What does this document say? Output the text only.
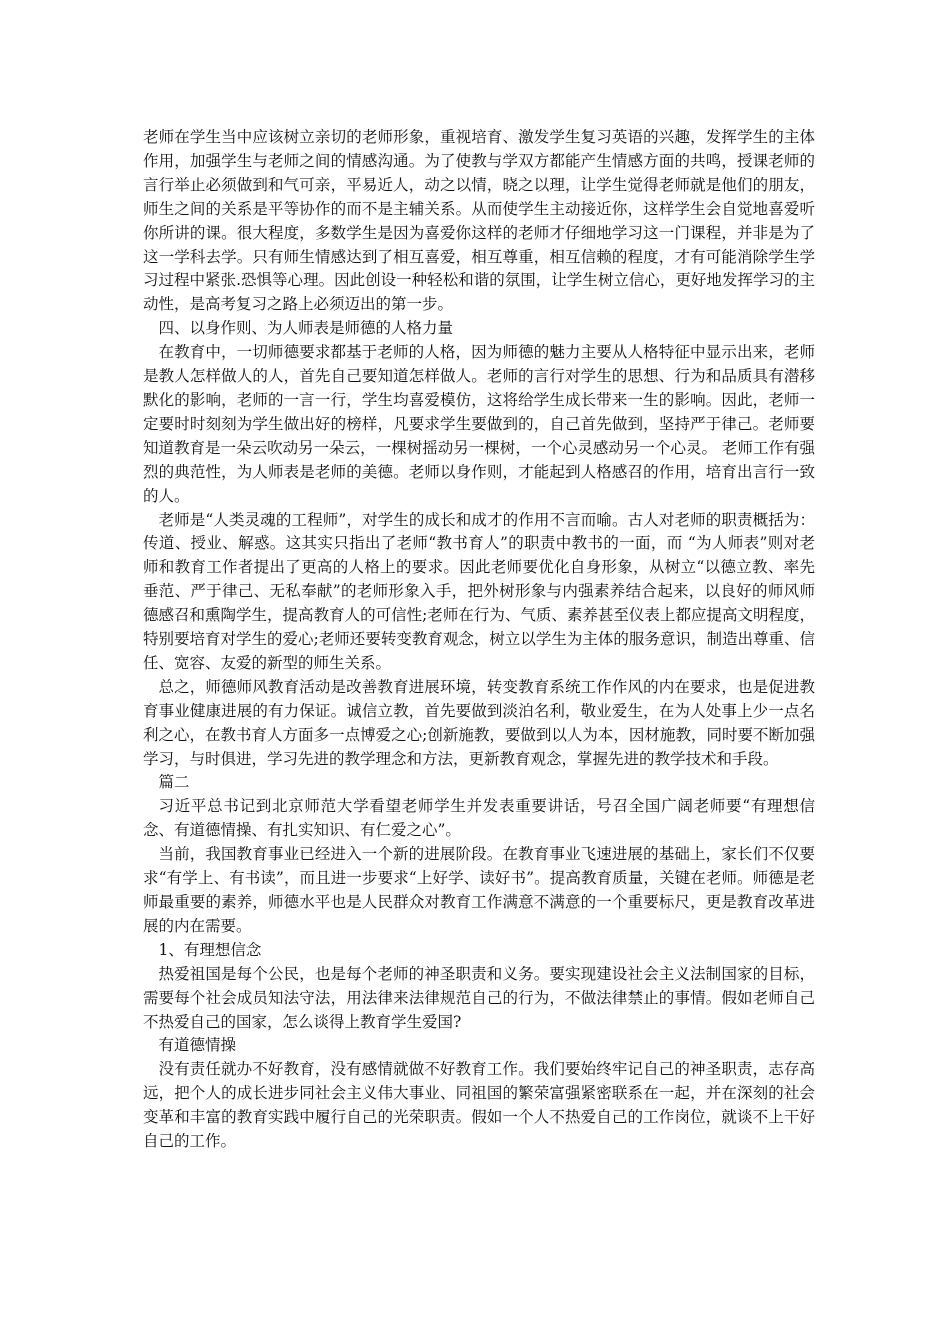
老师在学生当中应该树立亲切的老师形象，重视培育、激发学生复习英语的兴趣，发挥学生的主体作用，加强学生与老师之间的情感沟通。为了使教与学双方都能产生情感方面的共鸣，授课老师的言行举止必须做到和气可亲，平易近人，动之以情，晓之以理，让学生觉得老师就是他们的朋友，师生之间的关系是平等协作的而不是主辅关系。从而使学生主动接近你，这样学生会自觉地喜爱听你所讲的课。很大程度，多数学生是因为喜爱你这样的老师才仔细地学习这一门课程，并非是为了这一学科去学。只有师生情感达到了相互喜爱，相互尊重，相互信赖的程度，才有可能消除学生学习过程中紧张.恐惧等心理。因此创设一种轻松和谐的氛围，让学生树立信心，更好地发挥学习的主动性，是高考复习之路上必须迈出的第一步。

四、以身作则、为人师表是师德的人格力量

在教育中，一切师德要求都基于老师的人格，因为师德的魅力主要从人格特征中显示出来，老师是教人怎样做人的人，首先自己要知道怎样做人。老师的言行对学生的思想、行为和品质具有潜移默化的影响，老师的一言一行，学生均喜爱模仿，这将给学生成长带来一生的影响。因此，老师一定要时时刻刻为学生做出好的榜样，凡要求学生要做到的，自己首先做到，坚持严于律己。老师要知道教育是一朵云吹动另一朵云，一棵树摇动另一棵树，一个心灵感动另一个心灵。 老师工作有强烈的典范性，为人师表是老师的美德。老师以身作则，才能起到人格感召的作用，培育出言行一致的人。

老师是“人类灵魂的工程师”，对学生的成长和成才的作用不言而喻。古人对老师的职责概括为：传道、授业、解惑。这其实只指出了老师“教书育人”的职责中教书的一面，而 “为人师表”则对老师和教育工作者提出了更高的人格上的要求。因此老师要优化自身形象，从树立“以德立教、率先垂范、严于律己、无私奉献”的老师形象入手，把外树形象与内强素养结合起来，以良好的师风师德感召和熏陶学生，提高教育人的可信性;老师在行为、气质、素养甚至仪表上都应提高文明程度，特别要培育对学生的爱心;老师还要转变教育观念，树立以学生为主体的服务意识，制造出尊重、信任、宽容、友爱的新型的师生关系。

总之，师德师风教育活动是改善教育进展环境，转变教育系统工作作风的内在要求，也是促进教育事业健康进展的有力保证。诚信立教，首先要做到淡泊名利，敬业爱生，在为人处事上少一点名利之心，在教书育人方面多一点博爱之心;创新施教，要做到以人为本，因材施教，同时要不断加强学习，与时俱进，学习先进的教学理念和方法，更新教育观念，掌握先进的教学技术和手段。

篇二

习近平总书记到北京师范大学看望老师学生并发表重要讲话，号召全国广阔老师要“有理想信念、有道德情操、有扎实知识、有仁爱之心”。

当前，我国教育事业已经进入一个新的进展阶段。在教育事业飞速进展的基础上，家长们不仅要求“有学上、有书读”，而且进一步要求“上好学、读好书”。提高教育质量，关键在老师。师德是老师最重要的素养，师德水平也是人民群众对教育工作满意不满意的一个重要标尺，更是教育改革进展的内在需要。

1、有理想信念

热爱祖国是每个公民，也是每个老师的神圣职责和义务。要实现建设社会主义法制国家的目标，需要每个社会成员知法守法，用法律来法律规范自己的行为，不做法律禁止的事情。假如老师自己不热爱自己的国家，怎么谈得上教育学生爱国?

有道德情操

没有责任就办不好教育，没有感情就做不好教育工作。我们要始终牢记自己的神圣职责，志存高远，把个人的成长进步同社会主义伟大事业、同祖国的繁荣富强紧密联系在一起，并在深刻的社会变革和丰富的教育实践中履行自己的光荣职责。假如一个人不热爱自己的工作岗位，就谈不上干好自己的工作。
